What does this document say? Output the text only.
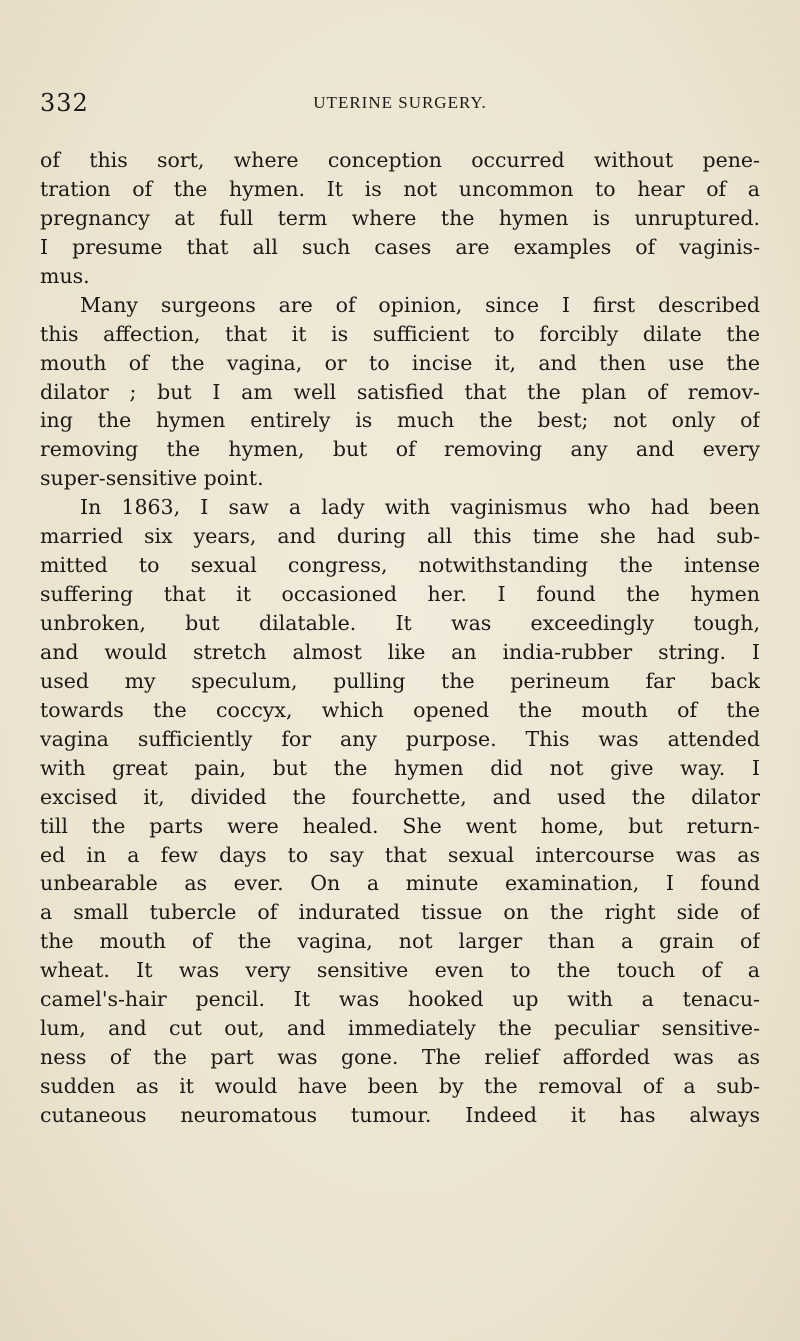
332	UTERINE SURGERY.
of this sort, where conception occurred without pene-
tration of the hymen. It is not uncommon to hear of a
pregnancy at full term where the hymen is unruptured.
I presume that all such cases are examples of vaginis-
mus.
Many surgeons are of opinion, since I first described
this affection, that it is sufficient to forcibly dilate the
mouth of the vagina, or to incise it, and then use the
dilator ; but I am well satisfied that the plan of remov-
ing the hymen entirely is much the best; not only of
removing the hymen, but of removing any and every
super-sensitive point.
In 1863, I saw a lady with vaginismus who had been
married six years, and during all this time she had sub-
mitted to sexual congress, notwithstanding the intense
suffering that it occasioned her. I found the hymen
unbroken, but dilatable. It was exceedingly tough,
and would stretch almost like an india-rubber string. I
used my speculum, pulling the perineum far back
towards the coccyx, which opened the mouth of the
vagina sufficiently for any purpose. This was attended
with great pain, but the hymen did not give way. I
excised it, divided the fourchette, and used the dilator
till the parts were healed. She went home, but return-
ed in a few days to say that sexual intercourse was as
unbearable as ever. On a minute examination, I found
a small tubercle of indurated tissue on the right side of
the mouth of the vagina, not larger than a grain of
wheat. It was very sensitive even to the touch of a
camel's-hair pencil. It was hooked up with a tenacu-
lum, and cut out, and immediately the peculiar sensitive-
ness of the part was gone. The relief afforded was as
sudden as it would have been by the removal of a sub-
cutaneous neuromatous tumour. Indeed it has always
